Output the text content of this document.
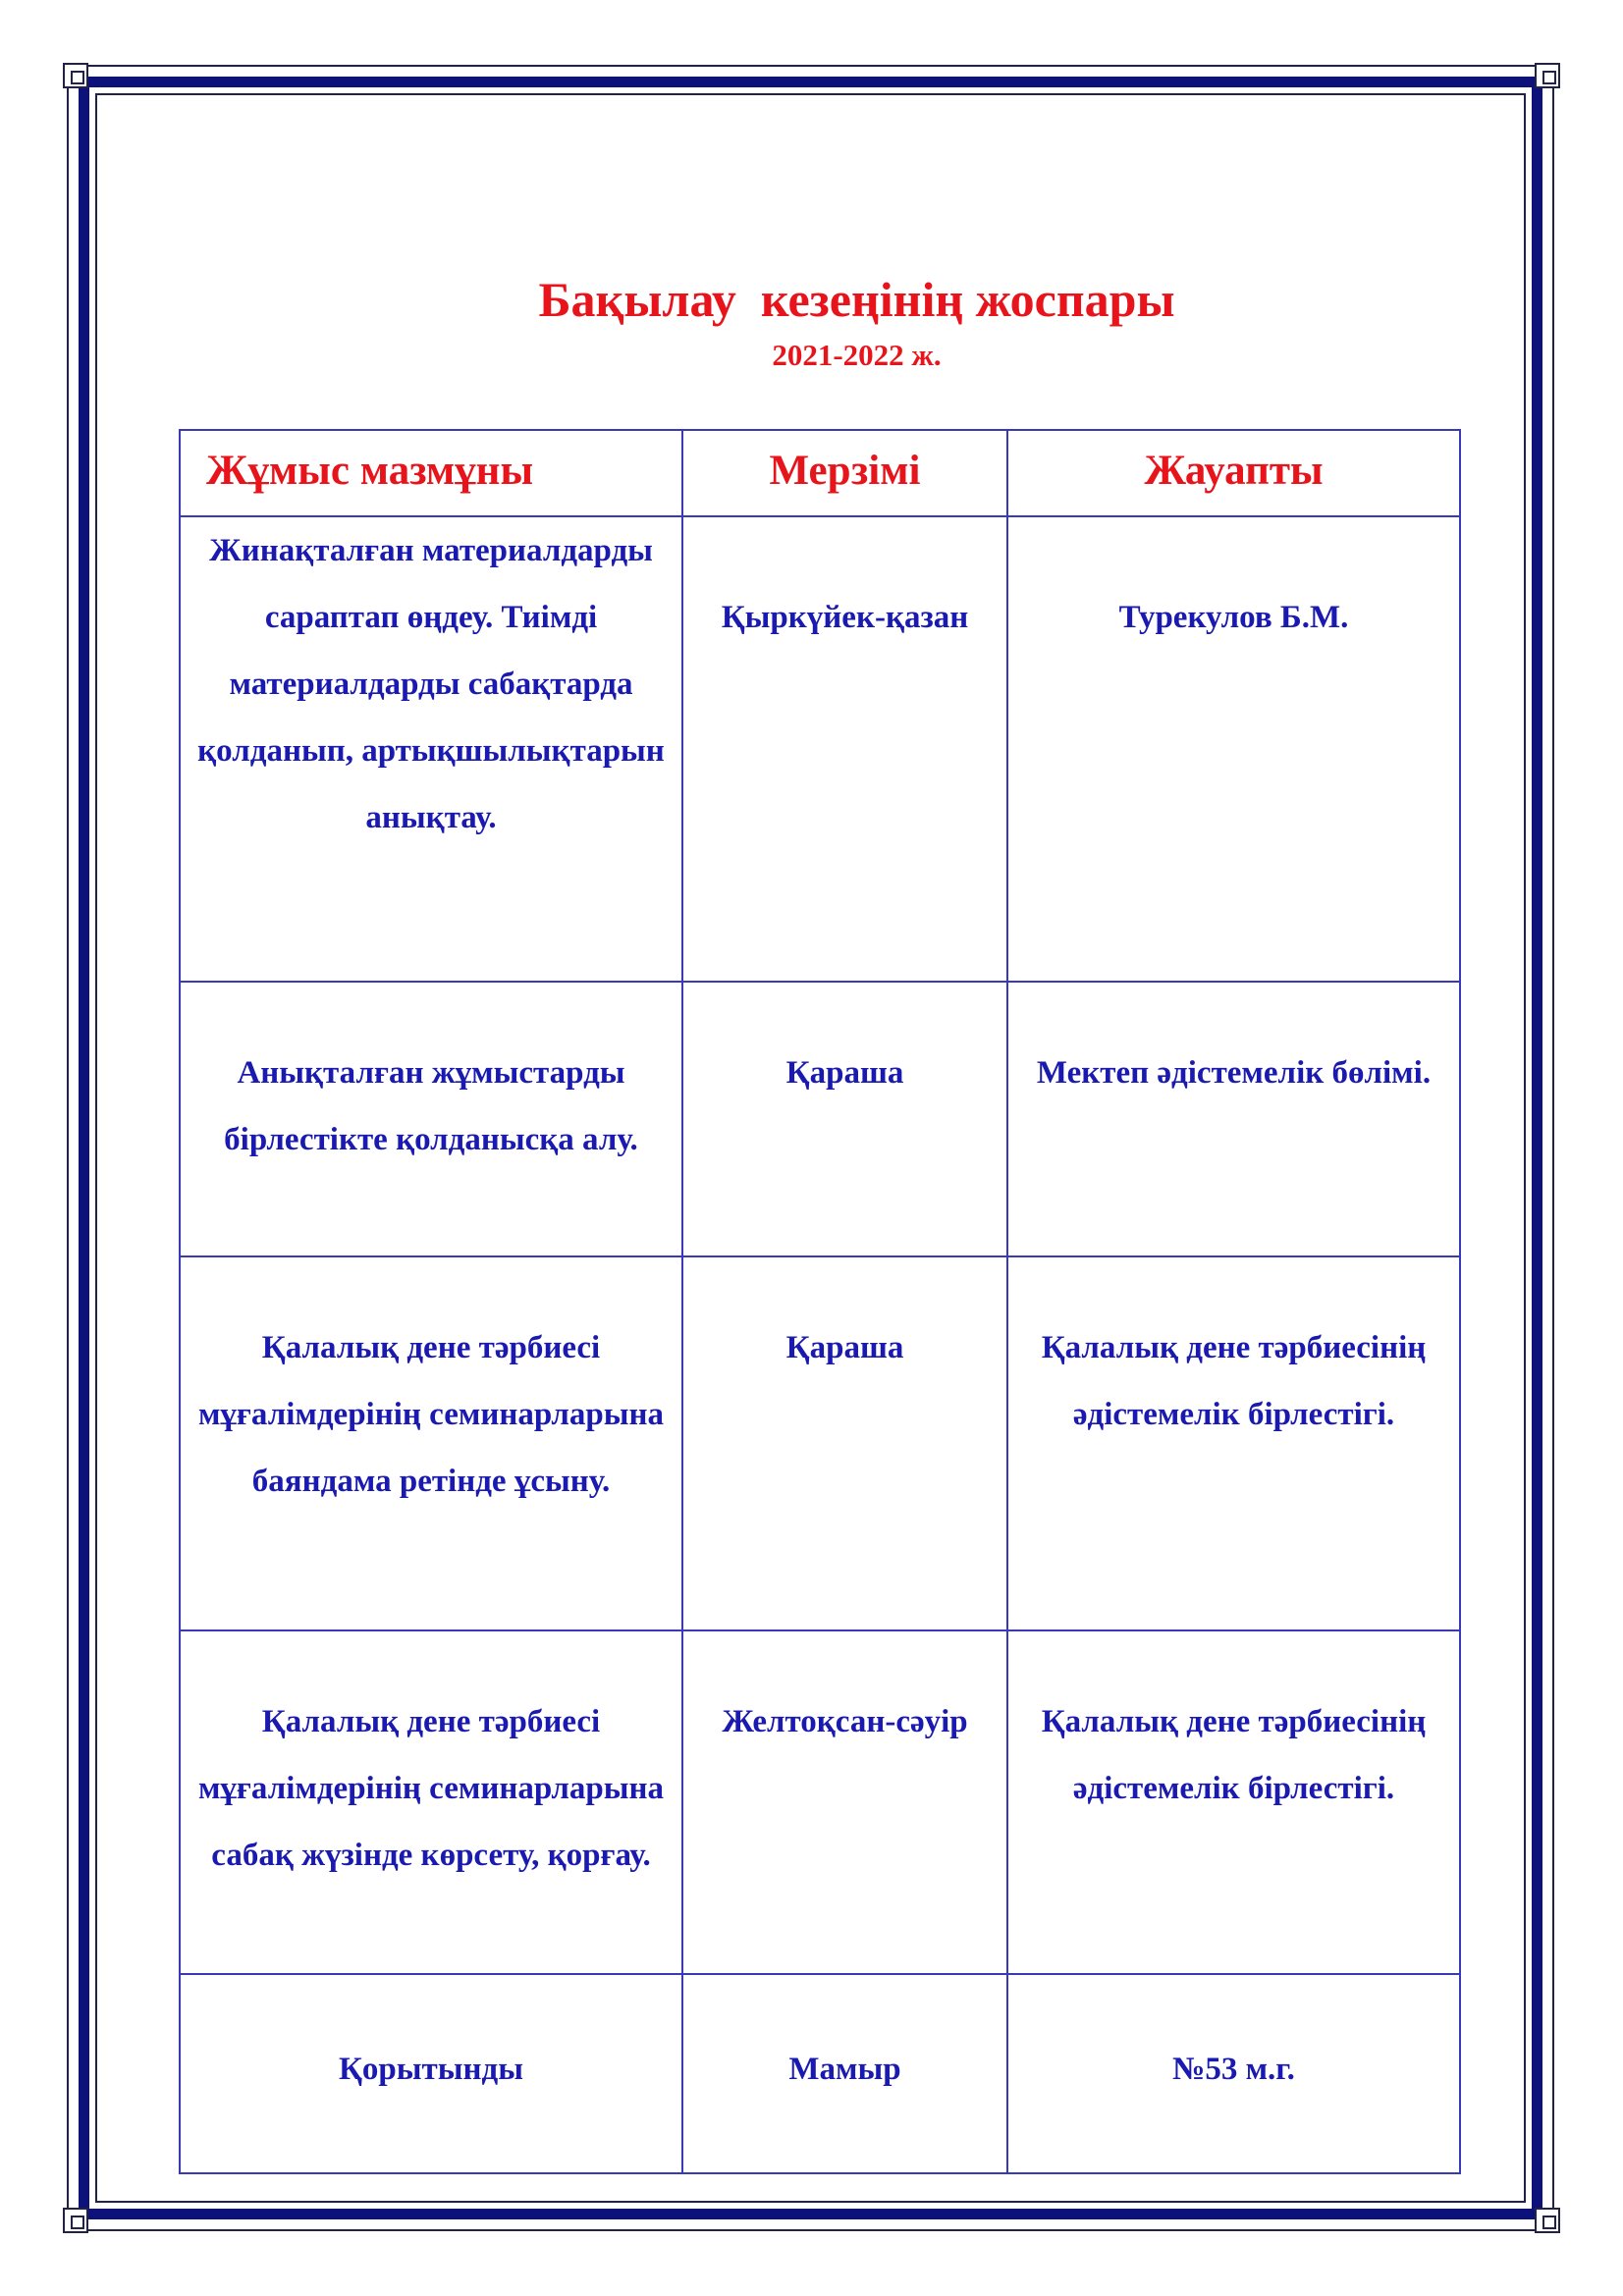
Бақылау  кезеңінің жоспары
2021-2022 ж.
Жұмыс мазмұны	Мерзімі	Жауапты
Жинақталған материалдарды сараптап өңдеу. Тиімді материалдарды сабақтарда қолданып, артықшылықтарын анықтау.	Қыркүйек-қазан	Турекулов Б.М.
Анықталған жұмыстарды бірлестікте қолданысқа алу.	Қараша	Мектеп әдістемелік бөлімі.
Қалалық дене тәрбиесі мұғалімдерінің семинарларына баяндама ретінде ұсыну.	Қараша	Қалалық дене тәрбиесінің әдістемелік бірлестігі.
Қалалық дене тәрбиесі мұғалімдерінің семинарларына сабақ жүзінде көрсету, қорғау.	Желтоқсан-сәуір	Қалалық дене тәрбиесінің әдістемелік бірлестігі.
Қорытынды	Мамыр	№53 м.г.
